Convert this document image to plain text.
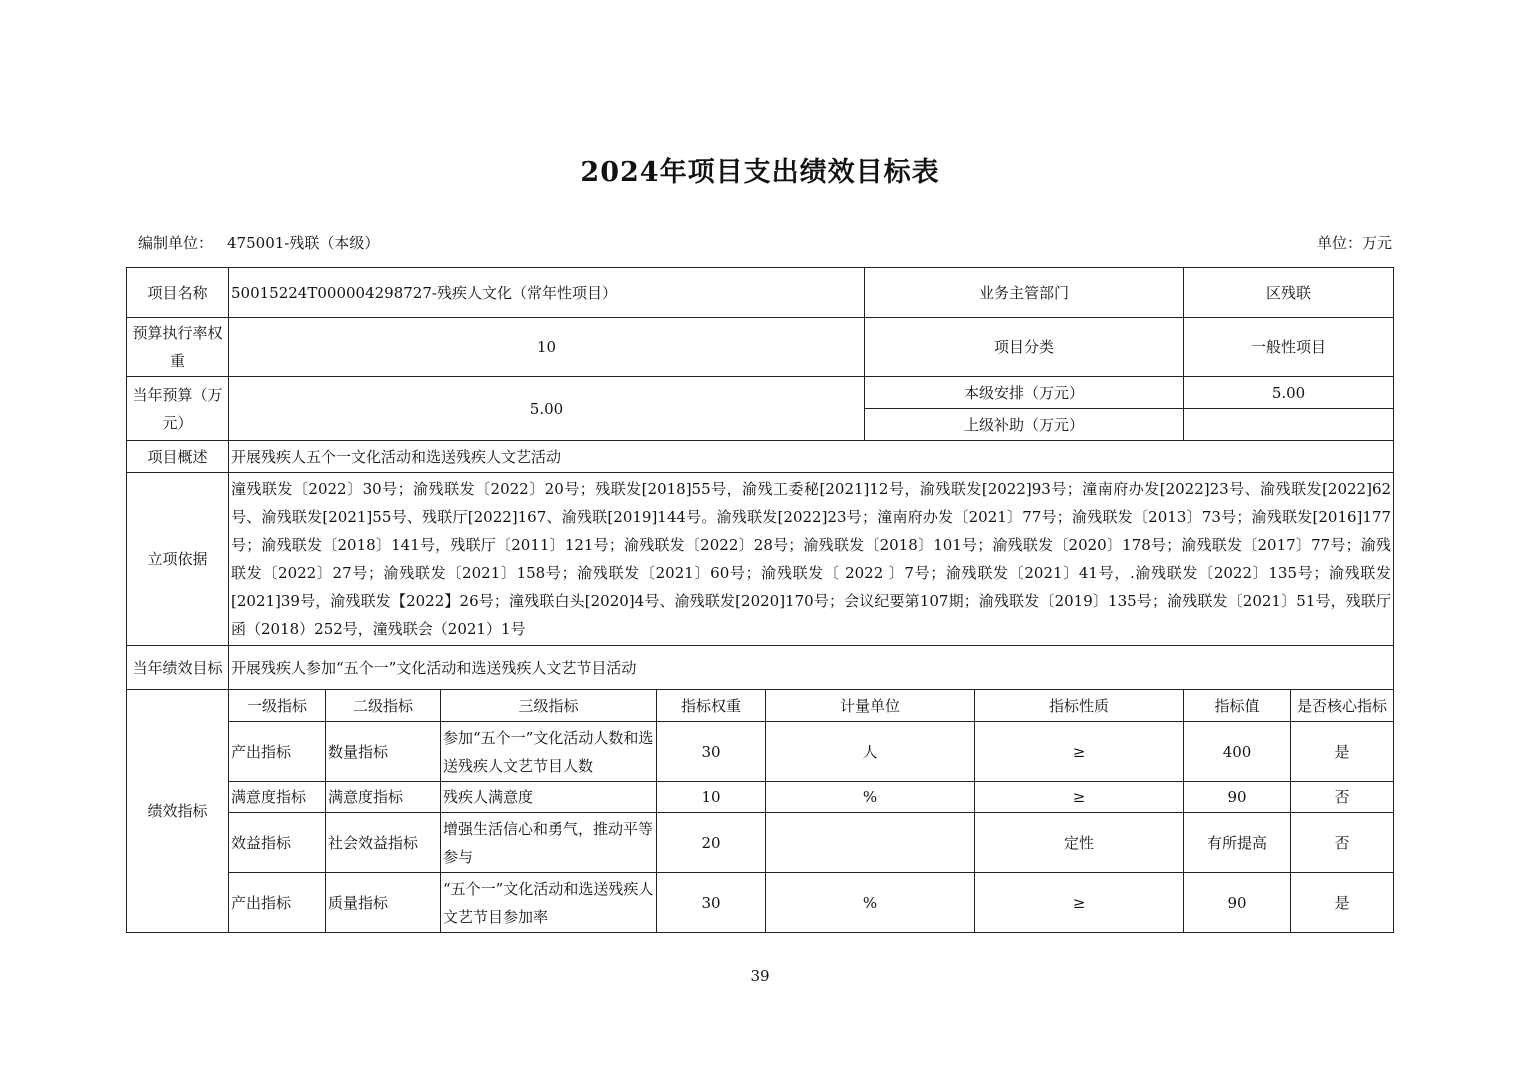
2024年项目支出绩效目标表
编制单位： 475001-残联（本级）	单位：万元
项目名称	50015224T000004298727-残疾人文化（常年性项目）					业务主管部门		区残联	
预算执行率权重	10					项目分类		一般性项目	
当年预算（万元）	5.00					本级安排（万元）		5.00	
						上级补助（万元）			
项目概述	开展残疾人五个一文化活动和选送残疾人文艺活动								
立项依据	潼残联发〔2022〕30号；渝残联发〔2022〕20号；残联发[2018]55号，渝残工委秘[2021]12号，渝残联发[2022]93号；潼南府办发[2022]23号、渝残联发[2022]62号、渝残联发[2021]55号、残联厅[2022]167、渝残联[2019]144号。渝残联发[2022]23号；潼南府办发〔2021〕77号；渝残联发〔2013〕73号；渝残联发[2016]177号；渝残联发〔2018〕141号，残联厅〔2011〕121号；渝残联发〔2022〕28号；渝残联发〔2018〕101号；渝残联发〔2020〕178号；渝残联发〔2017〕77号；渝残联发〔2022〕27号；渝残联发〔2021〕158号；渝残联发〔2021〕60号；渝残联发〔 2022 〕7号；渝残联发〔2021〕41号，.渝残联发〔2022〕135号；渝残联发[2021]39号，渝残联发【2022】26号；潼残联白头[2020]4号、渝残联发[2020]170号；会议纪要第107期；渝残联发〔2019〕135号；渝残联发〔2021〕51号，残联厅函（2018）252号，潼残联会（2021）1号								
当年绩效目标	开展残疾人参加“五个一”文化活动和选送残疾人文艺节目活动								
绩效指标	一级指标	二级指标	三级指标	指标权重	计量单位		指标性质	指标值	是否核心指标
	产出指标	数量指标	参加“五个一”文化活动人数和选送残疾人文艺节目人数	30	人		≥	400	是
	满意度指标	满意度指标	残疾人满意度	10	%		≥	90	否
	效益指标	社会效益指标	增强生活信心和勇气，推动平等参与	20			定性	有所提高	否
	产出指标	质量指标	“五个一”文化活动和选送残疾人文艺节目参加率	30	%		≥	90	是
39
